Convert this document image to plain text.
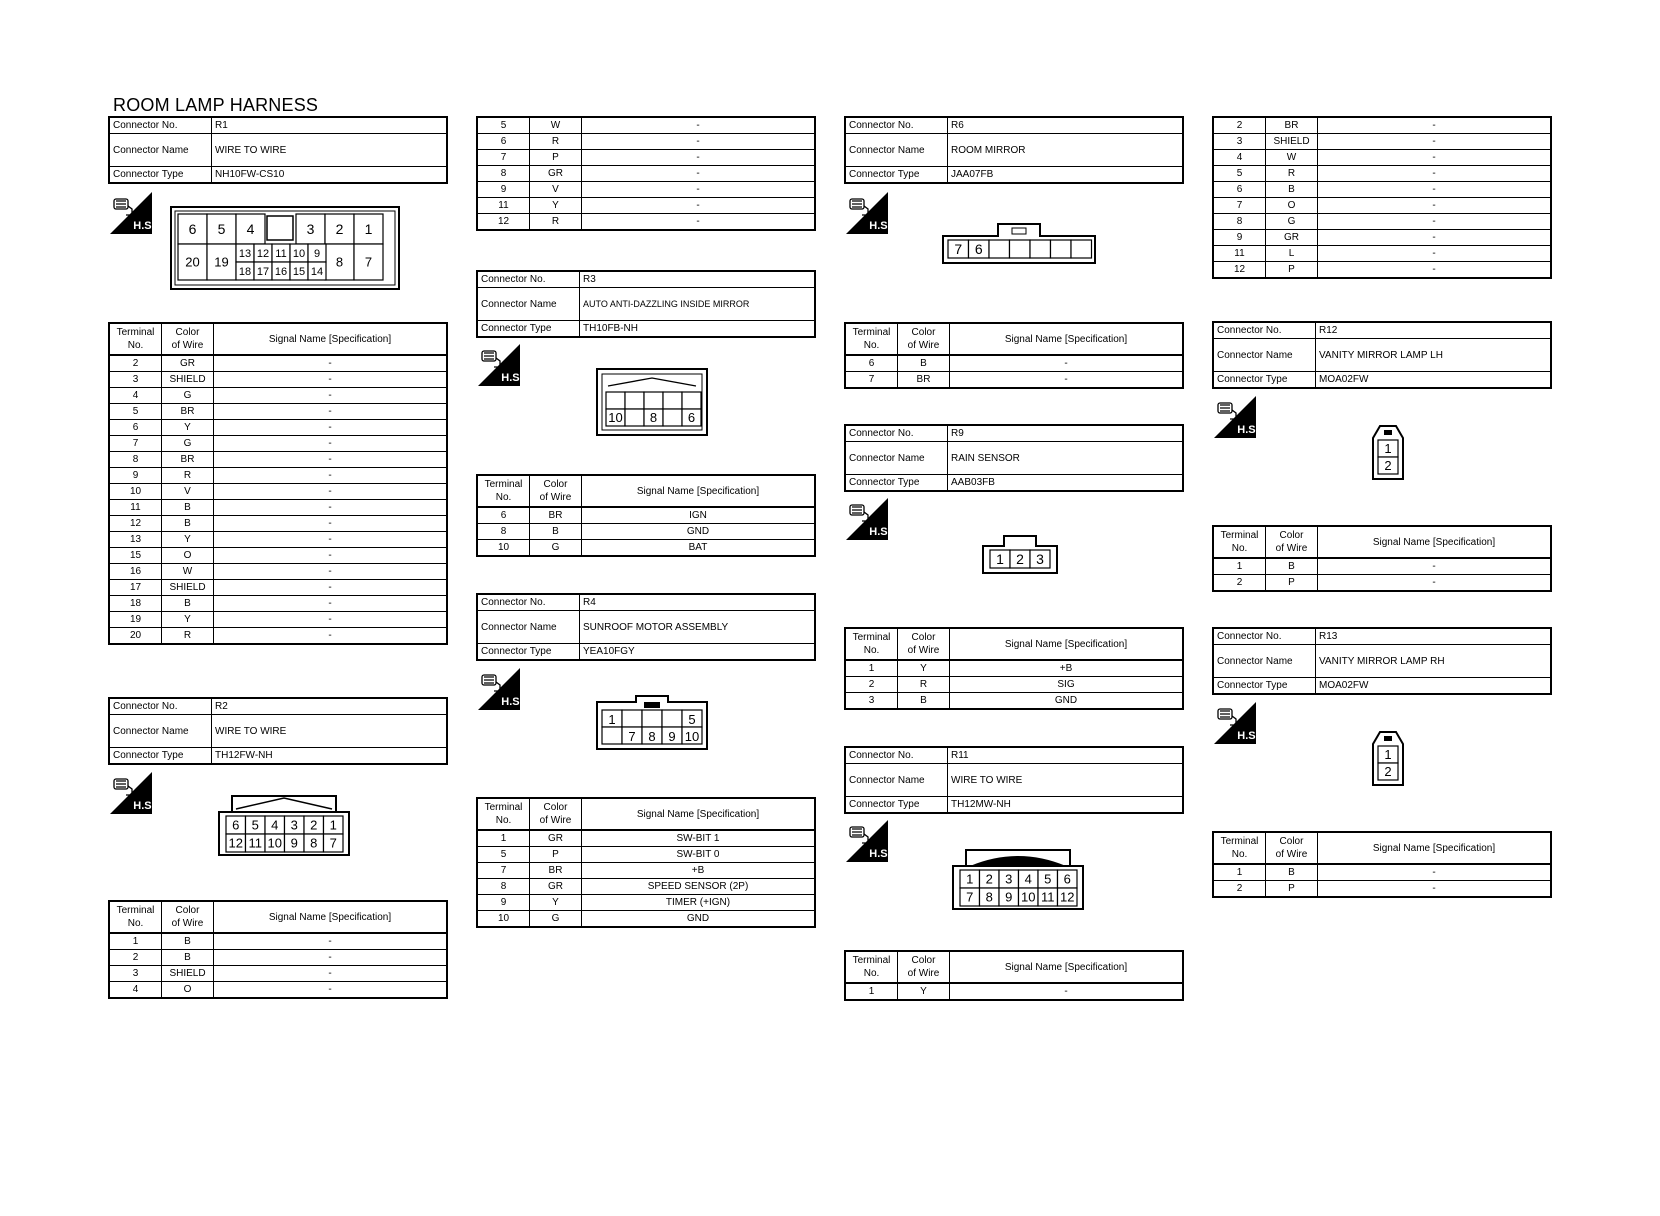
ROOM LAMP HARNESS
Connector No.	R1
Connector Name	WIRE TO WIRE
Connector Type	NH10FW-CS10
H.S. 6 5 4	3 2 1
20 19	8 7
13 12 11 10 9
18 17 16 15 14
Terminal
No.	Color
of Wire	Signal Name [Specification]
2	GR	-
3	SHIELD	-
4	G	-
5	BR	-
6	Y	-
7	G	-
8	BR	-
9	R	-
10	V	-
11	B	-
12	B	-
13	Y	-
15	O	-
16	W	-
17	SHIELD	-
18	B	-
19	Y	-
20	R	-
Connector No.	R2
Connector Name	WIRE TO WIRE
Connector Type	TH12FW-NH
H.S.
6 5 4 3 2 1
12 11 10 9 8 7
Terminal
No.	Color
of Wire	Signal Name [Specification]
1	B	-
2	B	-
3	SHIELD	-
4	O	-
5	W	-
6	R	-
7	P	-
8	GR	-
9	V	-
11	Y	-
12	R	-
Connector No.	R3
Connector Name	AUTO ANTI-DAZZLING INSIDE MIRROR
Connector Type	TH10FB-NH
H.S.
10 8 6
Terminal
No.	Color
of Wire	Signal Name [Specification]
6	BR	IGN
8	B	GND
10	G	BAT
Connector No.	R4
Connector Name	SUNROOF MOTOR ASSEMBLY
Connector Type	YEA10FGY
H.S.
1	5
7 8 9 10
Terminal
No.	Color
of Wire	Signal Name [Specification]
1	GR	SW-BIT 1
5	P	SW-BIT 0
7	BR	+B
8	GR	SPEED SENSOR (2P)
9	Y	TIMER (+IGN)
10	G	GND
Connector No.	R6
Connector Name	ROOM MIRROR
Connector Type	JAA07FB
H.S.
7 6
Terminal
No.	Color
of Wire	Signal Name [Specification]
6	B	-
7	BR	-
Connector No.	R9
Connector Name	RAIN SENSOR
Connector Type	AAB03FB
H.S.
1 2 3
Terminal
No.	Color
of Wire	Signal Name [Specification]
1	Y	+B
2	R	SIG
3	B	GND
Connector No.	R11
Connector Name	WIRE TO WIRE
Connector Type	TH12MW-NH
H.S.
1 2 3 4 5 6
7 8 9 10 11 12
Terminal
No.	Color
of Wire	Signal Name [Specification]
1	Y	-
2	BR	-
3	SHIELD	-
4	W	-
5	R	-
6	B	-
7	O	-
8	G	-
9	GR	-
11	L	-
12	P	-
Connector No.	R12
Connector Name	VANITY MIRROR LAMP LH
Connector Type	MOA02FW
H.S.
1
2
Terminal
No.	Color
of Wire	Signal Name [Specification]
1	B	-
2	P	-
Connector No.	R13
Connector Name	VANITY MIRROR LAMP RH
Connector Type	MOA02FW
H.S.
1
2
Terminal
No.	Color
of Wire	Signal Name [Specification]
1	B	-
2	P	-
